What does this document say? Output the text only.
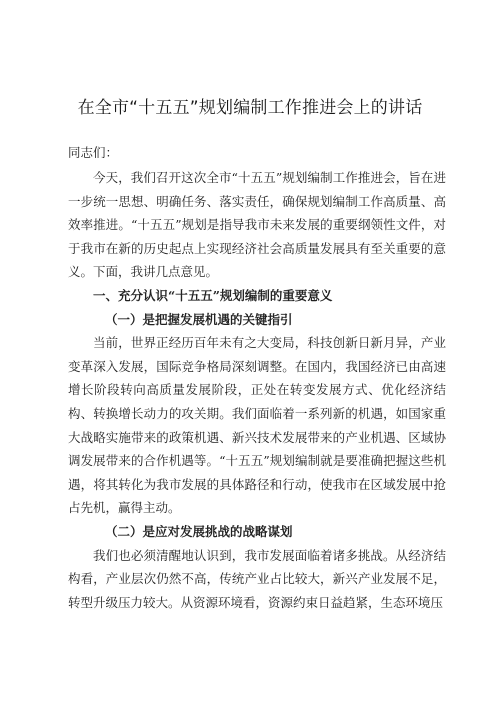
在全市“十五五”规划编制工作推进会上的讲话
同志们：

今天，我们召开这次全市“十五五”规划编制工作推进会，旨在进一步统一思想、明确任务、落实责任，确保规划编制工作高质量、高效率推进。“十五五”规划是指导我市未来发展的重要纲领性文件，对于我市在新的历史起点上实现经济社会高质量发展具有至关重要的意义。下面，我讲几点意见。

一、充分认识“十五五”规划编制的重要意义

（一）是把握发展机遇的关键指引

当前，世界正经历百年未有之大变局，科技创新日新月异，产业变革深入发展，国际竞争格局深刻调整。在国内，我国经济已由高速增长阶段转向高质量发展阶段，正处在转变发展方式、优化经济结构、转换增长动力的攻关期。我们面临着一系列新的机遇，如国家重大战略实施带来的政策机遇、新兴技术发展带来的产业机遇、区域协调发展带来的合作机遇等。“十五五”规划编制就是要准确把握这些机遇，将其转化为我市发展的具体路径和行动，使我市在区域发展中抢占先机，赢得主动。

（二）是应对发展挑战的战略谋划

我们也必须清醒地认识到，我市发展面临着诸多挑战。从经济结构看，产业层次仍然不高，传统产业占比较大，新兴产业发展不足，转型升级压力较大。从资源环境看，资源约束日益趋紧，生态环境压
